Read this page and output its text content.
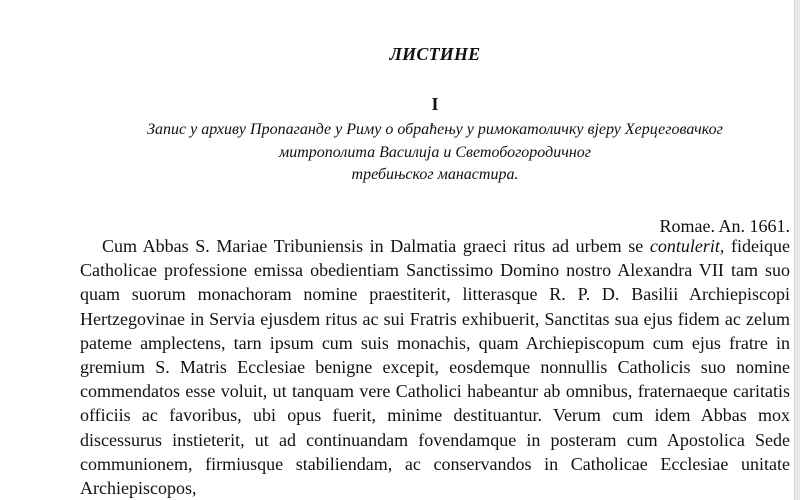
ЛИСТИНЕ
I
Запис у архиву Пропаганде у Риму о обраћењу у римокатоличку вјеру Херцеговачког
митрополита Василија и Светобогородичног
требињског манастира.
Romae. An. 1661.

Cum Abbas S. Mariae Tribuniensis in Dalmatia graeci ritus ad urbem se contulerit, fideique Catholicae professione emissa obedientiam Sanctissimo Domino nostro Alexandra VII tam suo quam suorum monachoram nomine praestiterit, litterasque R. P. D. Basilii Archiepiscopi Hertzegovinae in Servia ejusdem ritus ac sui Fratris exhibuerit, Sanctitas sua ejus fidem ac zelum pateme amplectens, tarn ipsum cum suis monachis, quam Archiepiscopum cum ejus fratre in gremium S. Matris Ecclesiae benigne excepit, eosdemque nonnullis Catholicis suo nomine commendatos esse voluit, ut tanquam vere Catholici habeantur ab omnibus, fraternaeque caritatis officiis ac favoribus, ubi opus fuerit, minime destituantur. Verum cum idem Abbas mox discessurus instieterit, ut ad continuandam fovendamque in posteram cum Apostolica Sede communionem, firmiusque stabiliendam, ac conservandos in Catholicae Ecclesiae unitate Archiepiscopos,
